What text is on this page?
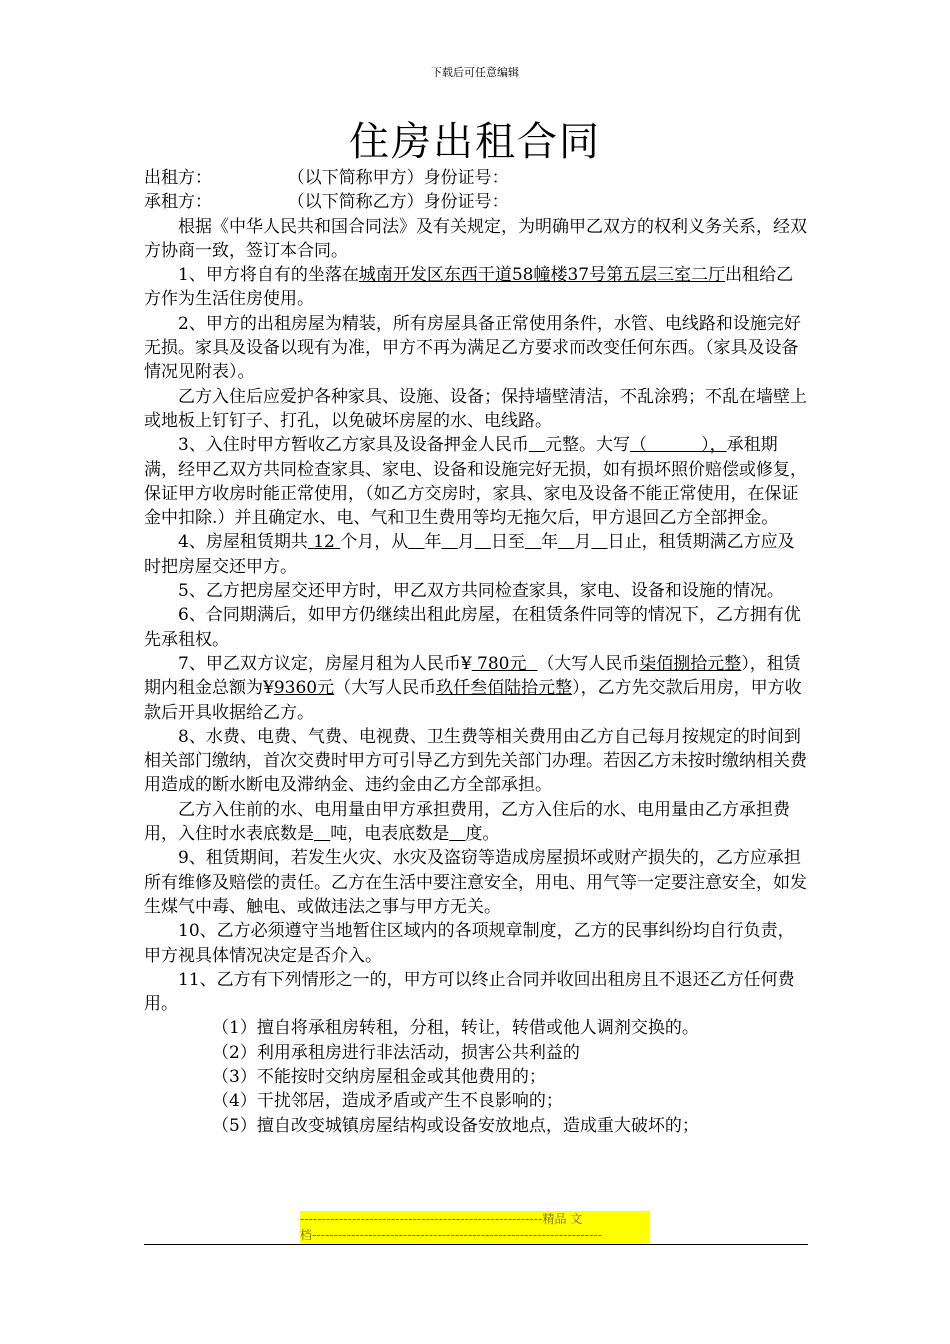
下载后可任意编辑
住房出租合同

出租方：              （以下简称甲方）身份证号：

承租方：              （以下简称乙方）身份证号：

根据《中华人民共和国合同法》及有关规定，为明确甲乙双方的权利义务关系，经双方协商一致，签订本合同。

1、甲方将自有的坐落在城南开发区东西干道58幢楼37号第五层三室二厅出租给乙方作为生活住房使用。

2、甲方的出租房屋为精装，所有房屋具备正常使用条件，水管、电线路和设施完好无损。家具及设备以现有为准，甲方不再为满足乙方要求而改变任何东西。（家具及设备情况见附表）。

乙方入住后应爱护各种家具、设施、设备；保持墙壁清洁，不乱涂鸦；不乱在墙壁上或地板上钉钉子、打孔，以免破坏房屋的水、电线路。

3、入住时甲方暂收乙方家具及设备押金人民币 元整。大写（          ），承租期满，经甲乙双方共同检查家具、家电、设备和设施完好无损，如有损坏照价赔偿或修复，保证甲方收房时能正常使用，（如乙方交房时，家具、家电及设备不能正常使用，在保证金中扣除.）并且确定水、电、气和卫生费用等均无拖欠后，甲方退回乙方全部押金。

4、房屋租赁期共 12 个月，从 年 月 日至 年 月 日止，租赁期满乙方应及时把房屋交还甲方。

5、乙方把房屋交还甲方时，甲乙双方共同检查家具，家电、设备和设施的情况。

6、合同期满后，如甲方仍继续出租此房屋，在租赁条件同等的情况下，乙方拥有优先承租权。

7、甲乙双方议定，房屋月租为人民币¥ 780元 （大写人民币柒佰捌拾元整），租赁期内租金总额为¥9360元（大写人民币玖仟叁佰陆拾元整），乙方先交款后用房，甲方收款后开具收据给乙方。

8、水费、电费、气费、电视费、卫生费等相关费用由乙方自己每月按规定的时间到相关部门缴纳，首次交费时甲方可引导乙方到先关部门办理。若因乙方未按时缴纳相关费用造成的断水断电及滞纳金、违约金由乙方全部承担。

乙方入住前的水、电用量由甲方承担费用，乙方入住后的水、电用量由乙方承担费用，入住时水表底数是 吨，电表底数是 度。

9、租赁期间，若发生火灾、水灾及盗窃等造成房屋损坏或财产损失的，乙方应承担所有维修及赔偿的责任。乙方在生活中要注意安全，用电、用气等一定要注意安全，如发生煤气中毒、触电、或做违法之事与甲方无关。

10、乙方必须遵守当地暂住区域内的各项规章制度，乙方的民事纠纷均自行负责，甲方视具体情况决定是否介入。

11、乙方有下列情形之一的，甲方可以终止合同并收回出租房且不退还乙方任何费用。

（1）擅自将承租房转租，分租，转让，转借或他人调剂交换的。

（2）利用承租房进行非法活动，损害公共利益的

（3）不能按时交纳房屋租金或其他费用的；

（4）干扰邻居，造成矛盾或产生不良影响的；

（5）擅自改变城镇房屋结构或设备安放地点，造成重大破坏的；

--------------------------------------------------------精品 文
档-------------------------------------------------------------------
